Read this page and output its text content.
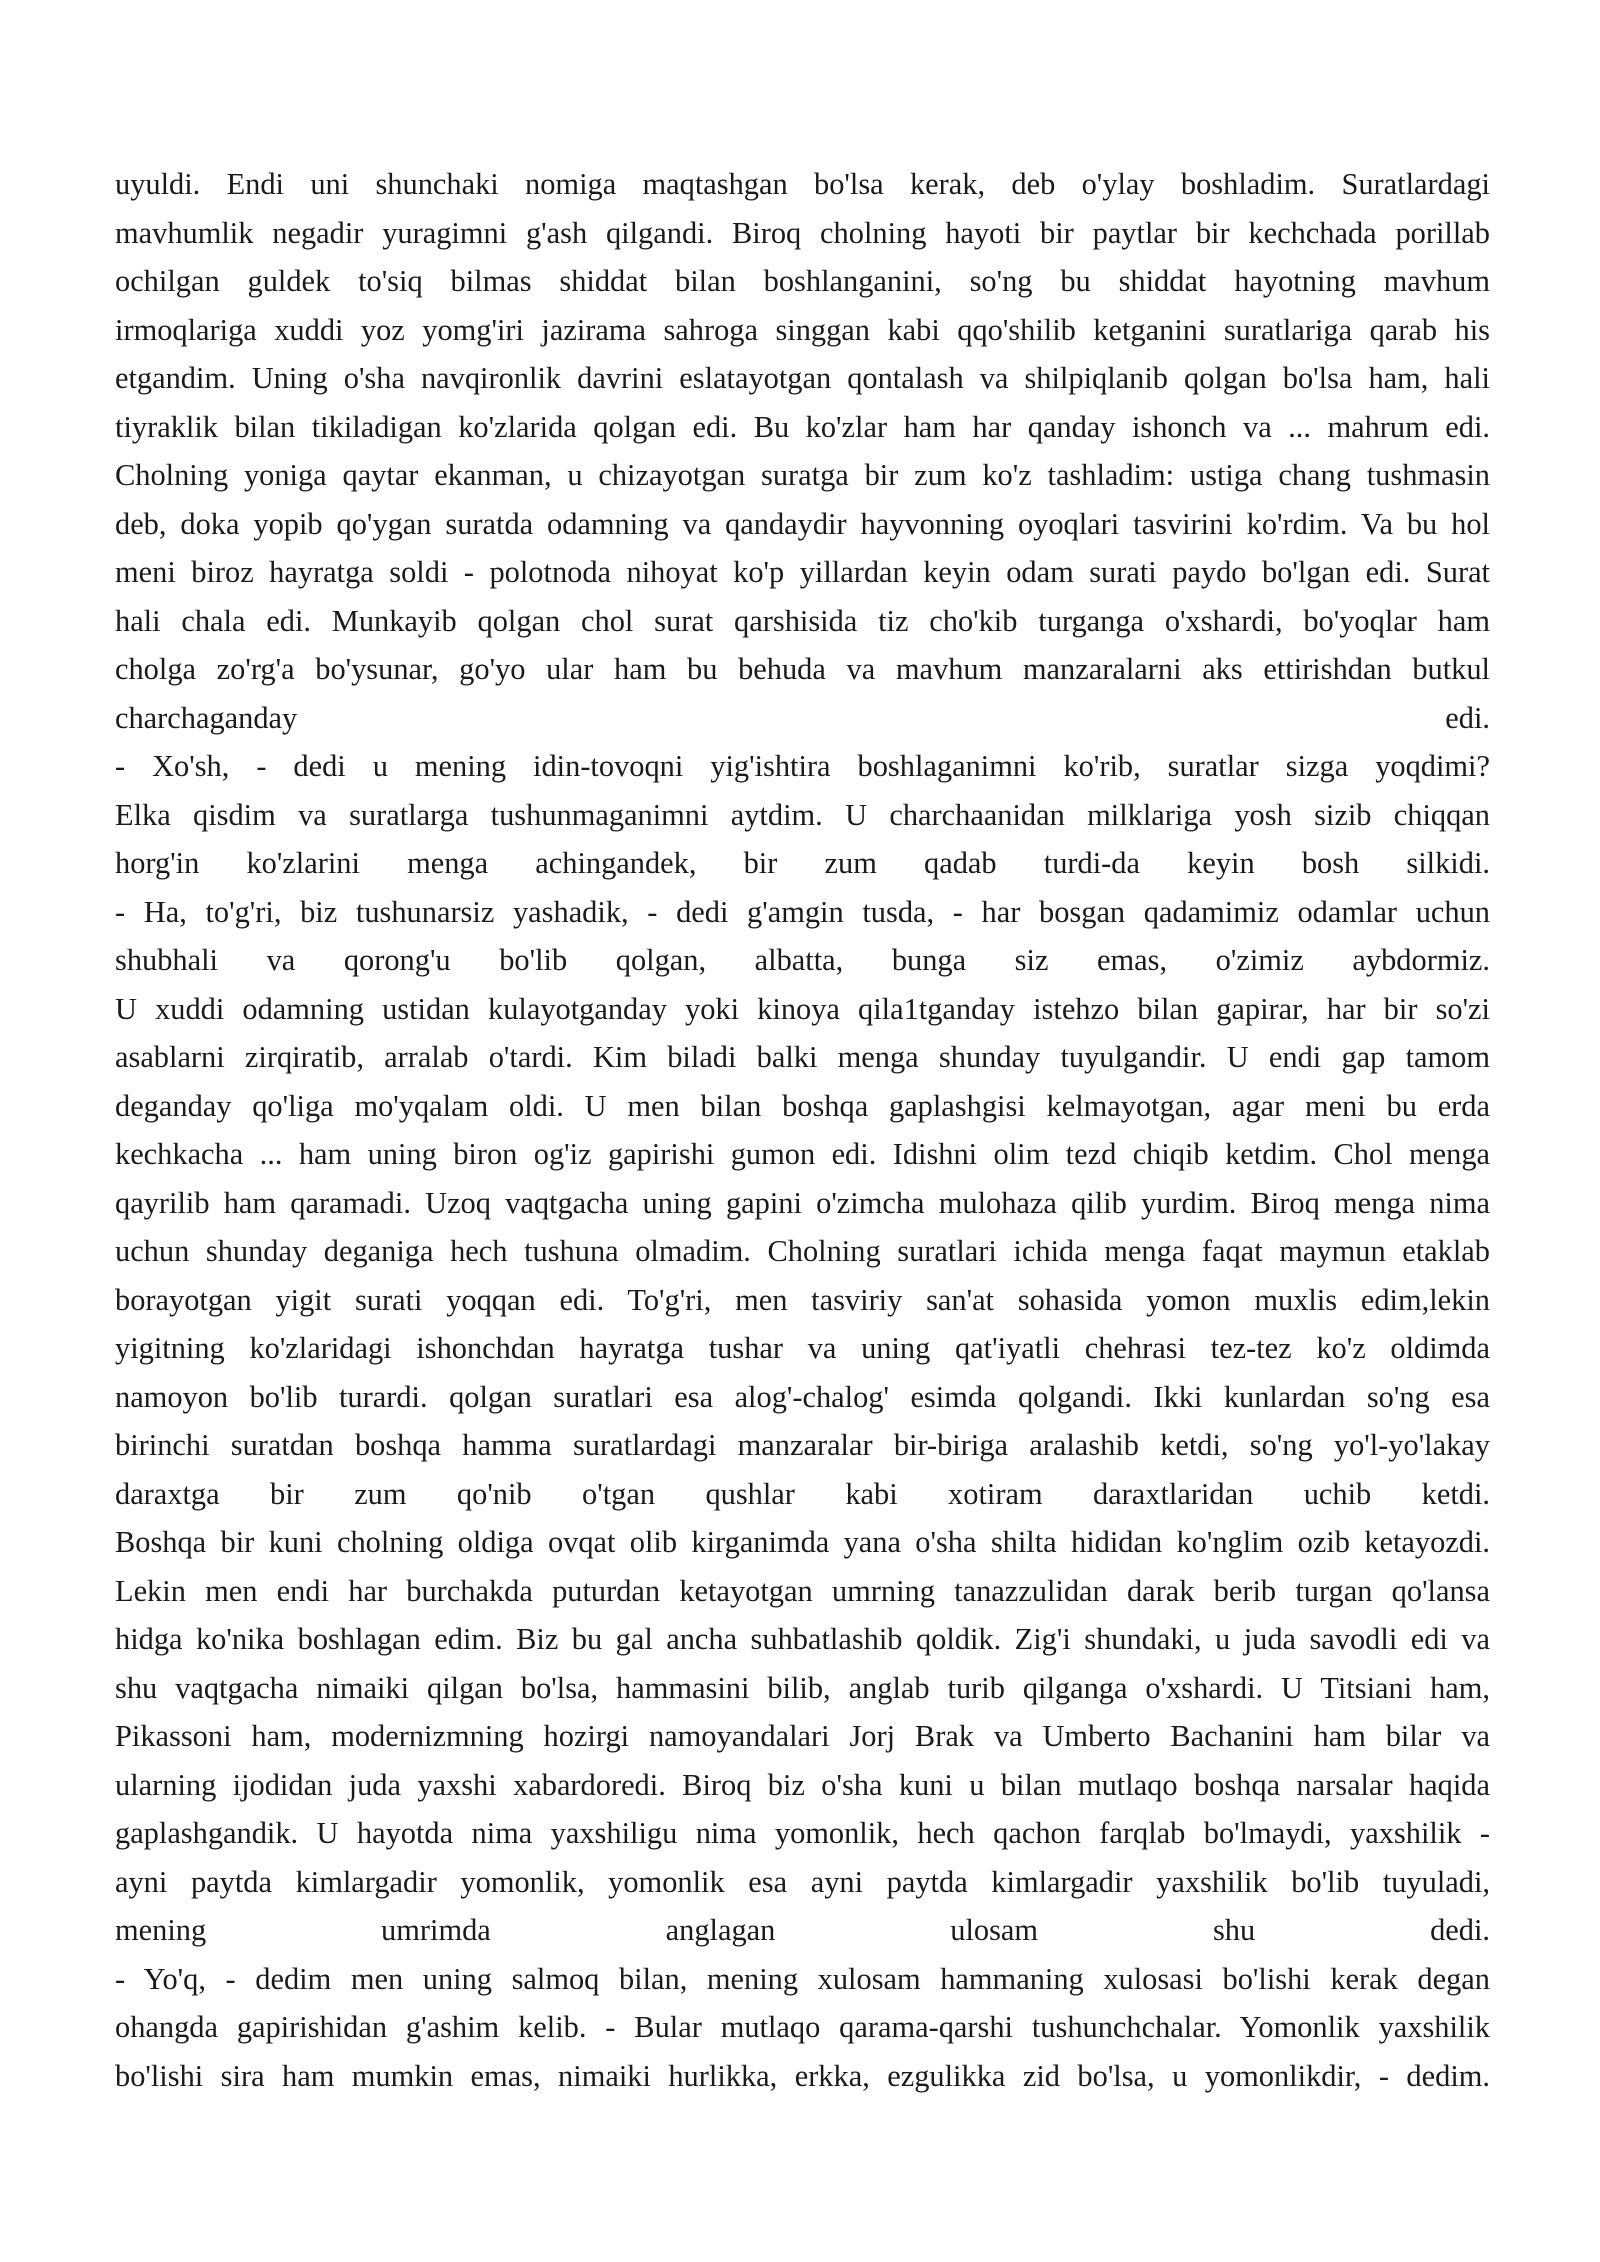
uyuldi. Endi uni shunchaki nomiga maqtashgan bo'lsa kerak, deb o'ylay boshladim. Suratlardagi
mavhumlik negadir yuragimni g'ash qilgandi. Biroq cholning hayoti bir paytlar bir kechchada porillab
ochilgan guldek to'siq bilmas shiddat bilan boshlanganini, so'ng bu shiddat hayotning mavhum
irmoqlariga xuddi yoz yomg'iri jazirama sahroga singgan kabi qqo'shilib ketganini suratlariga qarab his
etgandim. Uning o'sha navqironlik davrini eslatayotgan qontalash va shilpiqlanib qolgan bo'lsa ham, hali
tiyraklik bilan tikiladigan ko'zlarida qolgan edi. Bu ko'zlar ham har qanday ishonch va ... mahrum edi.
Cholning yoniga qaytar ekanman, u chizayotgan suratga bir zum ko'z tashladim: ustiga chang tushmasin
deb, doka yopib qo'ygan suratda odamning va qandaydir hayvonning oyoqlari tasvirini ko'rdim. Va bu hol
meni biroz hayratga soldi - polotnoda nihoyat ko'p yillardan keyin odam surati paydo bo'lgan edi. Surat
hali chala edi. Munkayib qolgan chol surat qarshisida tiz cho'kib turganga o'xshardi, bo'yoqlar ham
cholga zo'rg'a bo'ysunar, go'yo ular ham bu behuda va mavhum manzaralarni aks ettirishdan butkul
charchaganday edi.
- Xo'sh, - dedi u mening idin-tovoqni yig'ishtira boshlaganimni ko'rib, suratlar sizga yoqdimi?
Elka qisdim va suratlarga tushunmaganimni aytdim. U charchaanidan milklariga yosh sizib chiqqan
horg'in ko'zlarini menga achingandek, bir zum qadab turdi-da keyin bosh silkidi.
- Ha, to'g'ri, biz tushunarsiz yashadik, - dedi g'amgin tusda, - har bosgan qadamimiz odamlar uchun
shubhali va qorong'u bo'lib qolgan, albatta, bunga siz emas, o'zimiz aybdormiz.
U xuddi odamning ustidan kulayotganday yoki kinoya qila1tganday istehzo bilan gapirar, har bir so'zi
asablarni zirqiratib, arralab o'tardi. Kim biladi balki menga shunday tuyulgandir. U endi gap tamom
deganday qo'liga mo'yqalam oldi. U men bilan boshqa gaplashgisi kelmayotgan, agar meni bu erda
kechkacha ... ham uning biron og'iz gapirishi gumon edi. Idishni olim tezd chiqib ketdim. Chol menga
qayrilib ham qaramadi. Uzoq vaqtgacha uning gapini o'zimcha mulohaza qilib yurdim. Biroq menga nima
uchun shunday deganiga hech tushuna olmadim. Cholning suratlari ichida menga faqat maymun etaklab
borayotgan yigit surati yoqqan edi. To'g'ri, men tasviriy san'at sohasida yomon muxlis edim,lekin
yigitning ko'zlaridagi ishonchdan hayratga tushar va uning qat'iyatli chehrasi tez-tez ko'z oldimda
namoyon bo'lib turardi. qolgan suratlari esa alog'-chalog' esimda qolgandi. Ikki kunlardan so'ng esa
birinchi suratdan boshqa hamma suratlardagi manzaralar bir-biriga aralashib ketdi, so'ng yo'l-yo'lakay
daraxtga bir zum qo'nib o'tgan qushlar kabi xotiram daraxtlaridan uchib ketdi.
Boshqa bir kuni cholning oldiga ovqat olib kirganimda yana o'sha shilta hididan ko'nglim ozib ketayozdi.
Lekin men endi har burchakda puturdan ketayotgan umrning tanazzulidan darak berib turgan qo'lansa
hidga ko'nika boshlagan edim. Biz bu gal ancha suhbatlashib qoldik. Zig'i shundaki, u juda savodli edi va
shu vaqtgacha nimaiki qilgan bo'lsa, hammasini bilib, anglab turib qilganga o'xshardi. U Titsiani ham,
Pikassoni ham, modernizmning hozirgi namoyandalari Jorj Brak va Umberto Bachanini ham bilar va
ularning ijodidan juda yaxshi xabardoredi. Biroq biz o'sha kuni u bilan mutlaqo boshqa narsalar haqida
gaplashgandik. U hayotda nima yaxshiligu nima yomonlik, hech qachon farqlab bo'lmaydi, yaxshilik -
ayni paytda kimlargadir yomonlik, yomonlik esa ayni paytda kimlargadir yaxshilik bo'lib tuyuladi,
mening umrimda anglagan ulosam shu dedi.
- Yo'q, - dedim men uning salmoq bilan, mening xulosam hammaning xulosasi bo'lishi kerak degan
ohangda gapirishidan g'ashim kelib. - Bular mutlaqo qarama-qarshi tushunchchalar. Yomonlik yaxshilik
bo'lishi sira ham mumkin emas, nimaiki hurlikka, erkka, ezgulikka zid bo'lsa, u yomonlikdir, - dedim.
